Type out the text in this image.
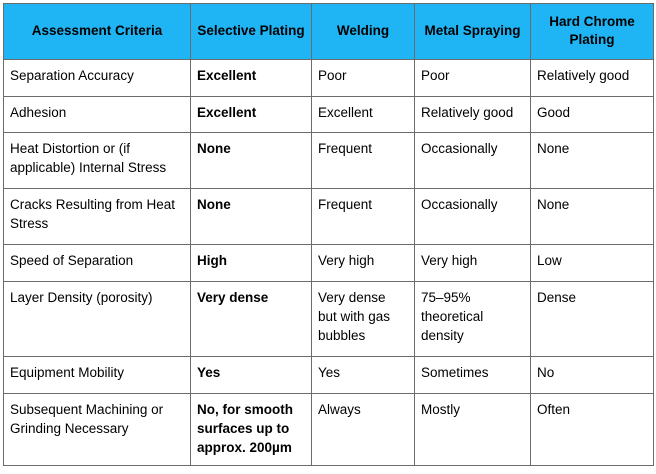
Assessment Criteria	Selective Plating	Welding	Metal Spraying	Hard Chrome Plating
Separation Accuracy	Excellent	Poor	Poor	Relatively good
Adhesion	Excellent	Excellent	Relatively good	Good
Heat Distortion or (if applicable) Internal Stress	None	Frequent	Occasionally	None
Cracks Resulting from Heat Stress	None	Frequent	Occasionally	None
Speed of Separation	High	Very high	Very high	Low
Layer Density (porosity)	Very dense	Very dense but with gas bubbles	75–95% theoretical density	Dense
Equipment Mobility	Yes	Yes	Sometimes	No
Subsequent Machining or Grinding Necessary	No, for smooth surfaces up to approx. 200µm	Always	Mostly	Often
